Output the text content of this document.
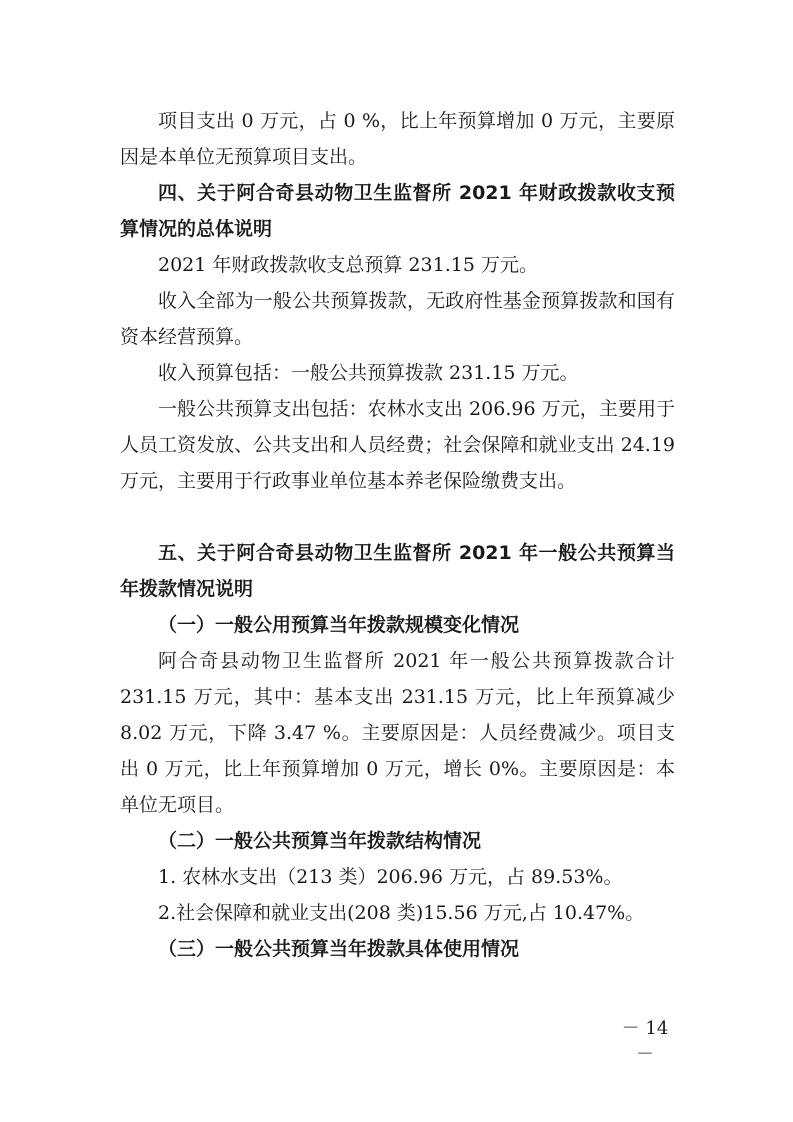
项目支出 0 万元，占 0 %，比上年预算增加 0 万元，主要原因是本单位无预算项目支出。

四、关于阿合奇县动物卫生监督所 2021 年财政拨款收支预算情况的总体说明

2021 年财政拨款收支总预算 231.15 万元。

收入全部为一般公共预算拨款，无政府性基金预算拨款和国有资本经营预算。

收入预算包括：一般公共预算拨款 231.15 万元。

一般公共预算支出包括：农林水支出 206.96 万元，主要用于人员工资发放、公共支出和人员经费；社会保障和就业支出 24.19 万元，主要用于行政事业单位基本养老保险缴费支出。

五、关于阿合奇县动物卫生监督所 2021 年一般公共预算当年拨款情况说明

（一）一般公用预算当年拨款规模变化情况

阿合奇县动物卫生监督所 2021 年一般公共预算拨款合计 231.15 万元，其中：基本支出 231.15 万元，比上年预算减少 8.02 万元，下降 3.47 %。主要原因是：人员经费减少。项目支出 0 万元，比上年预算增加 0 万元，增长 0%。主要原因是：本单位无项目。

（二）一般公共预算当年拨款结构情况

1. 农林水支出（213 类）206.96 万元，占 89.53%。

2.社会保障和就业支出(208 类)15.56 万元,占 10.47%。

（三）一般公共预算当年拨款具体使用情况

－ 14 －
